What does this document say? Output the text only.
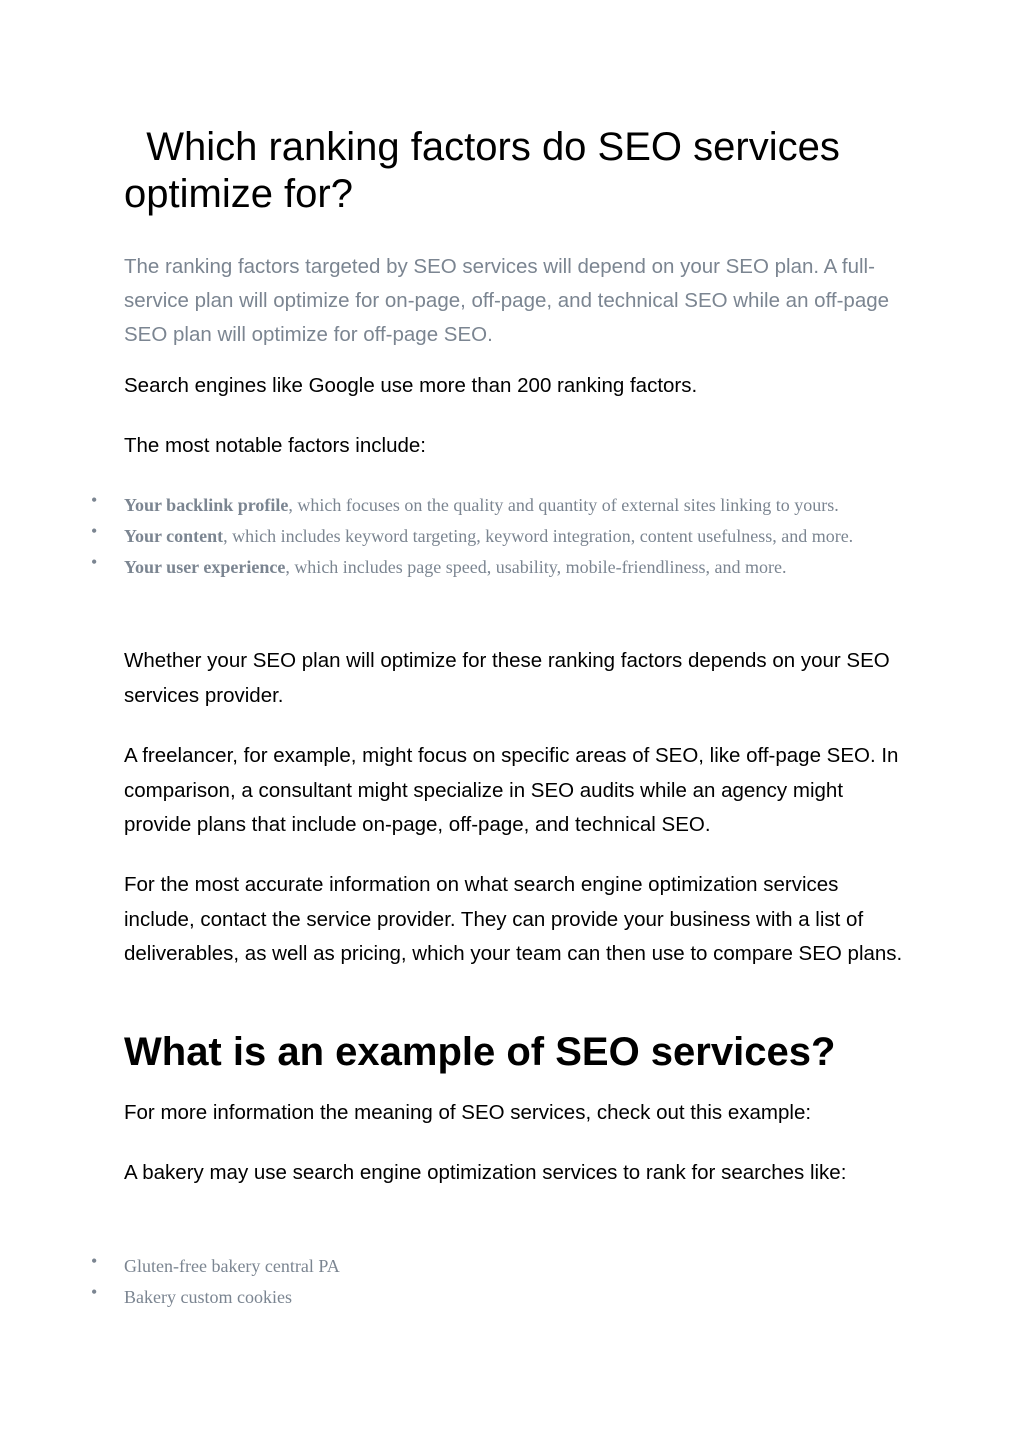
Which ranking factors do SEO services optimize for?

The ranking factors targeted by SEO services will depend on your SEO plan. A full-service plan will optimize for on-page, off-page, and technical SEO while an off-page SEO plan will optimize for off-page SEO.

Search engines like Google use more than 200 ranking factors.

The most notable factors include:

• Your backlink profile, which focuses on the quality and quantity of external sites linking to yours.
• Your content, which includes keyword targeting, keyword integration, content usefulness, and more.
• Your user experience, which includes page speed, usability, mobile-friendliness, and more.

Whether your SEO plan will optimize for these ranking factors depends on your SEO services provider.

A freelancer, for example, might focus on specific areas of SEO, like off-page SEO. In comparison, a consultant might specialize in SEO audits while an agency might provide plans that include on-page, off-page, and technical SEO.

For the most accurate information on what search engine optimization services include, contact the service provider. They can provide your business with a list of deliverables, as well as pricing, which your team can then use to compare SEO plans.

What is an example of SEO services?

For more information the meaning of SEO services, check out this example:

A bakery may use search engine optimization services to rank for searches like:

• Gluten-free bakery central PA
• Bakery custom cookies
